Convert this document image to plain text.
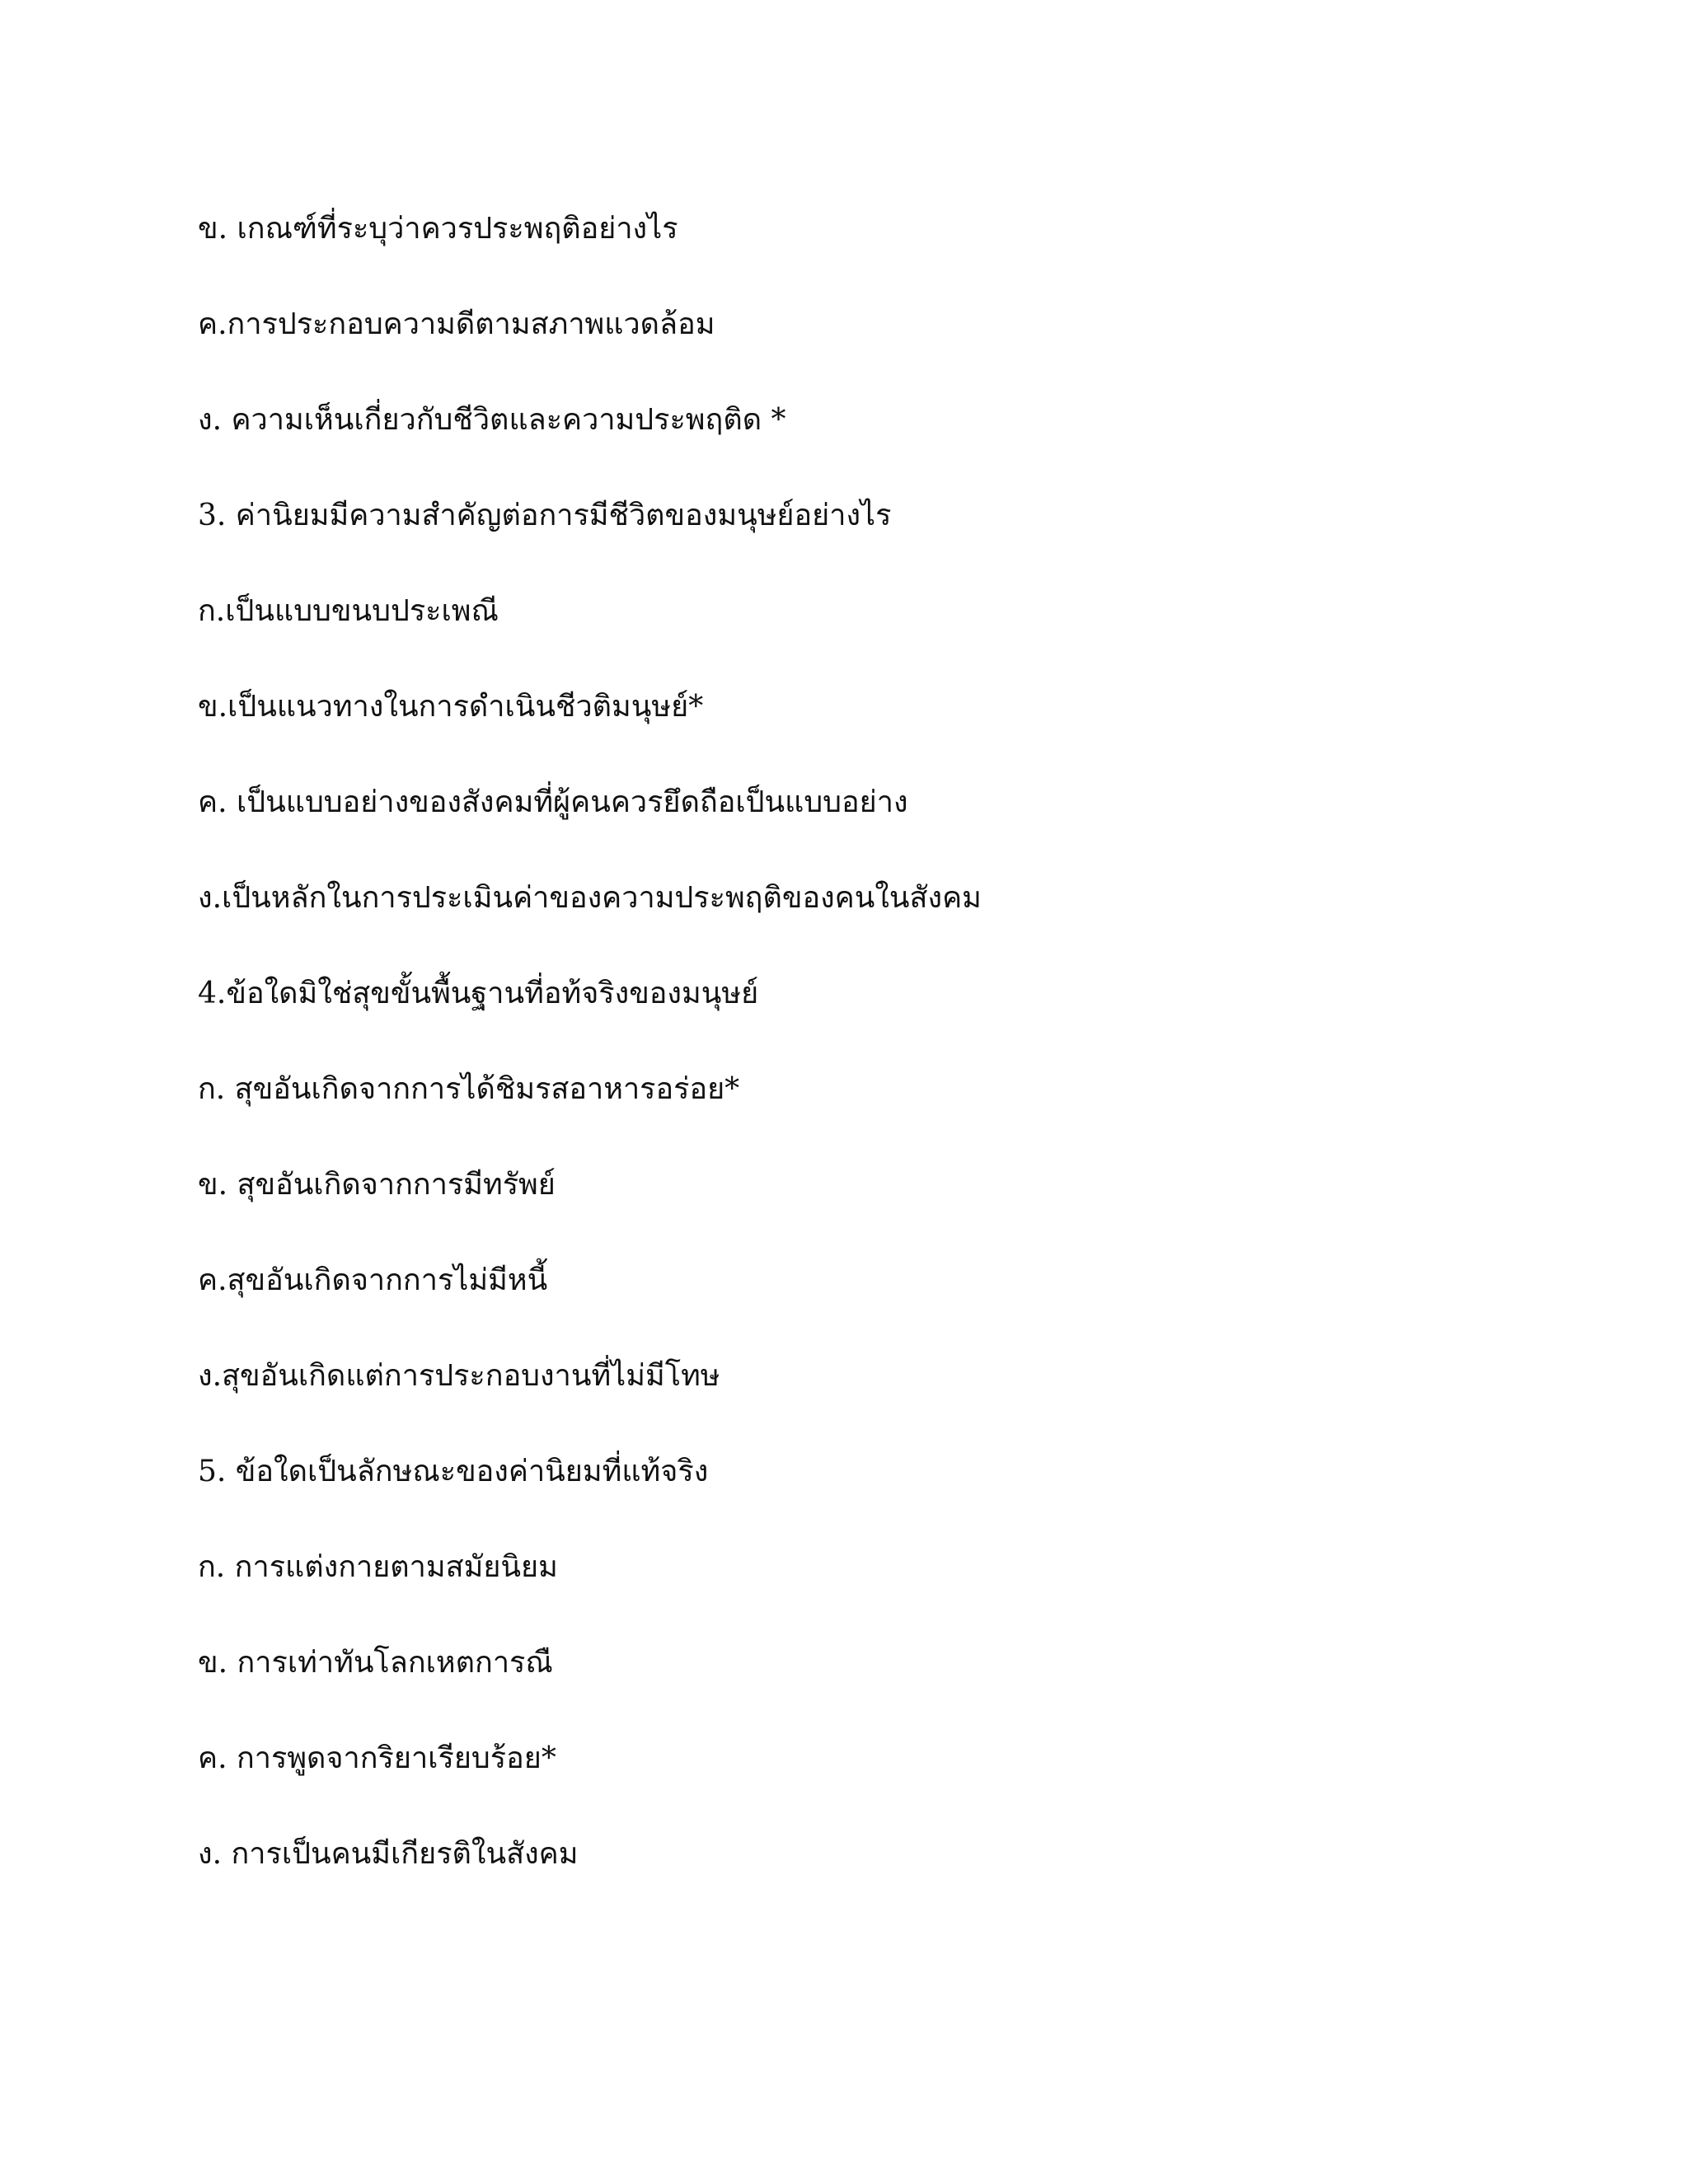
ข. เกณฑ์ที่ระบุว่าควรประพฤติอย่างไร
ค.การประกอบความดีตามสภาพแวดล้อม
ง. ความเห็นเกี่ยวกับชีวิตและความประพฤติด *
3. ค่านิยมมีความสำคัญต่อการมีชีวิตของมนุษย์อย่างไร
ก.เป็นแบบขนบประเพณี
ข.เป็นแนวทางในการดำเนินชีวติมนุษย์*
ค. เป็นแบบอย่างของสังคมที่ผู้คนควรยึดถือเป็นแบบอย่าง
ง.เป็นหลักในการประเมินค่าของความประพฤติของคนในสังคม
4.ข้อใดมิใช่สุขขั้นพื้นฐานที่อท้จริงของมนุษย์
ก. สุขอันเกิดจากการได้ชิมรสอาหารอร่อย*
ข. สุขอันเกิดจากการมีทรัพย์
ค.สุขอันเกิดจากการไม่มีหนี้
ง.สุขอันเกิดแต่การประกอบงานที่ไม่มีโทษ
5. ข้อใดเป็นลักษณะของค่านิยมที่แท้จริง
ก. การแต่งกายตามสมัยนิยม
ข. การเท่าทันโลกเหตการณื
ค. การพูดจากริยาเรียบร้อย*
ง. การเป็นคนมีเกียรติในสังคม
